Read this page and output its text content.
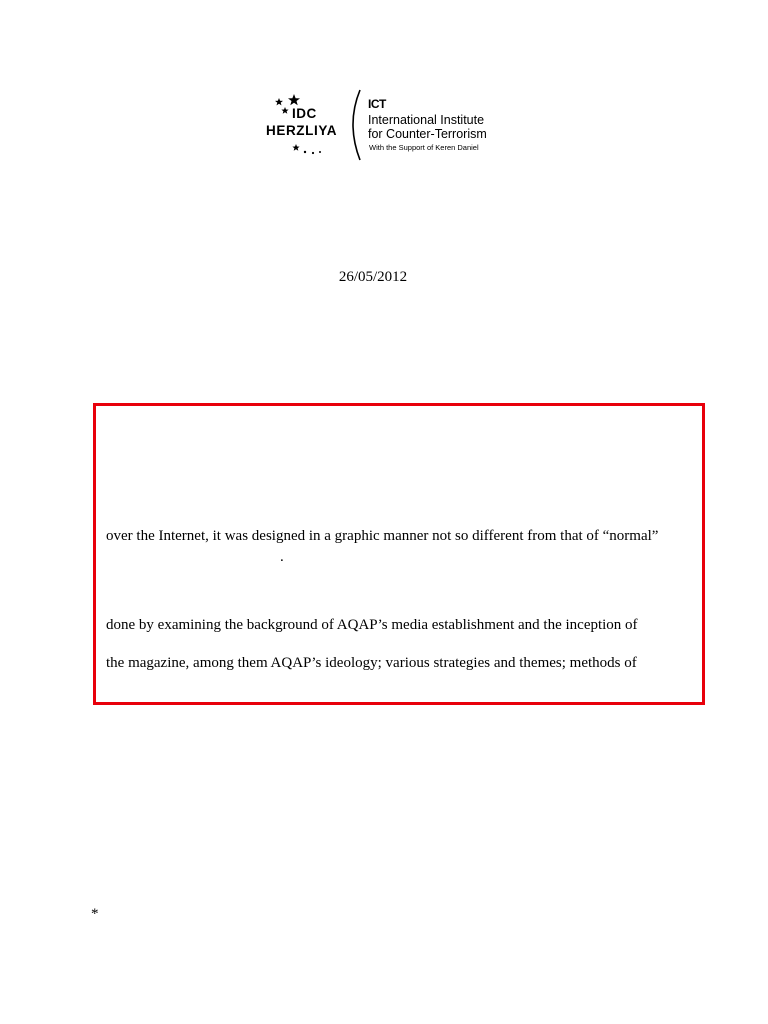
IDC
HERZLIYA
ICT
International Institute
for Counter-Terrorism
With the Support of Keren Daniel
26/05/2012
over the Internet, it was designed in a graphic manner not so different from that of “normal”
.
done by examining the background of AQAP’s media establishment and the inception of
the magazine, among them AQAP’s ideology; various strategies and themes; methods of
*
